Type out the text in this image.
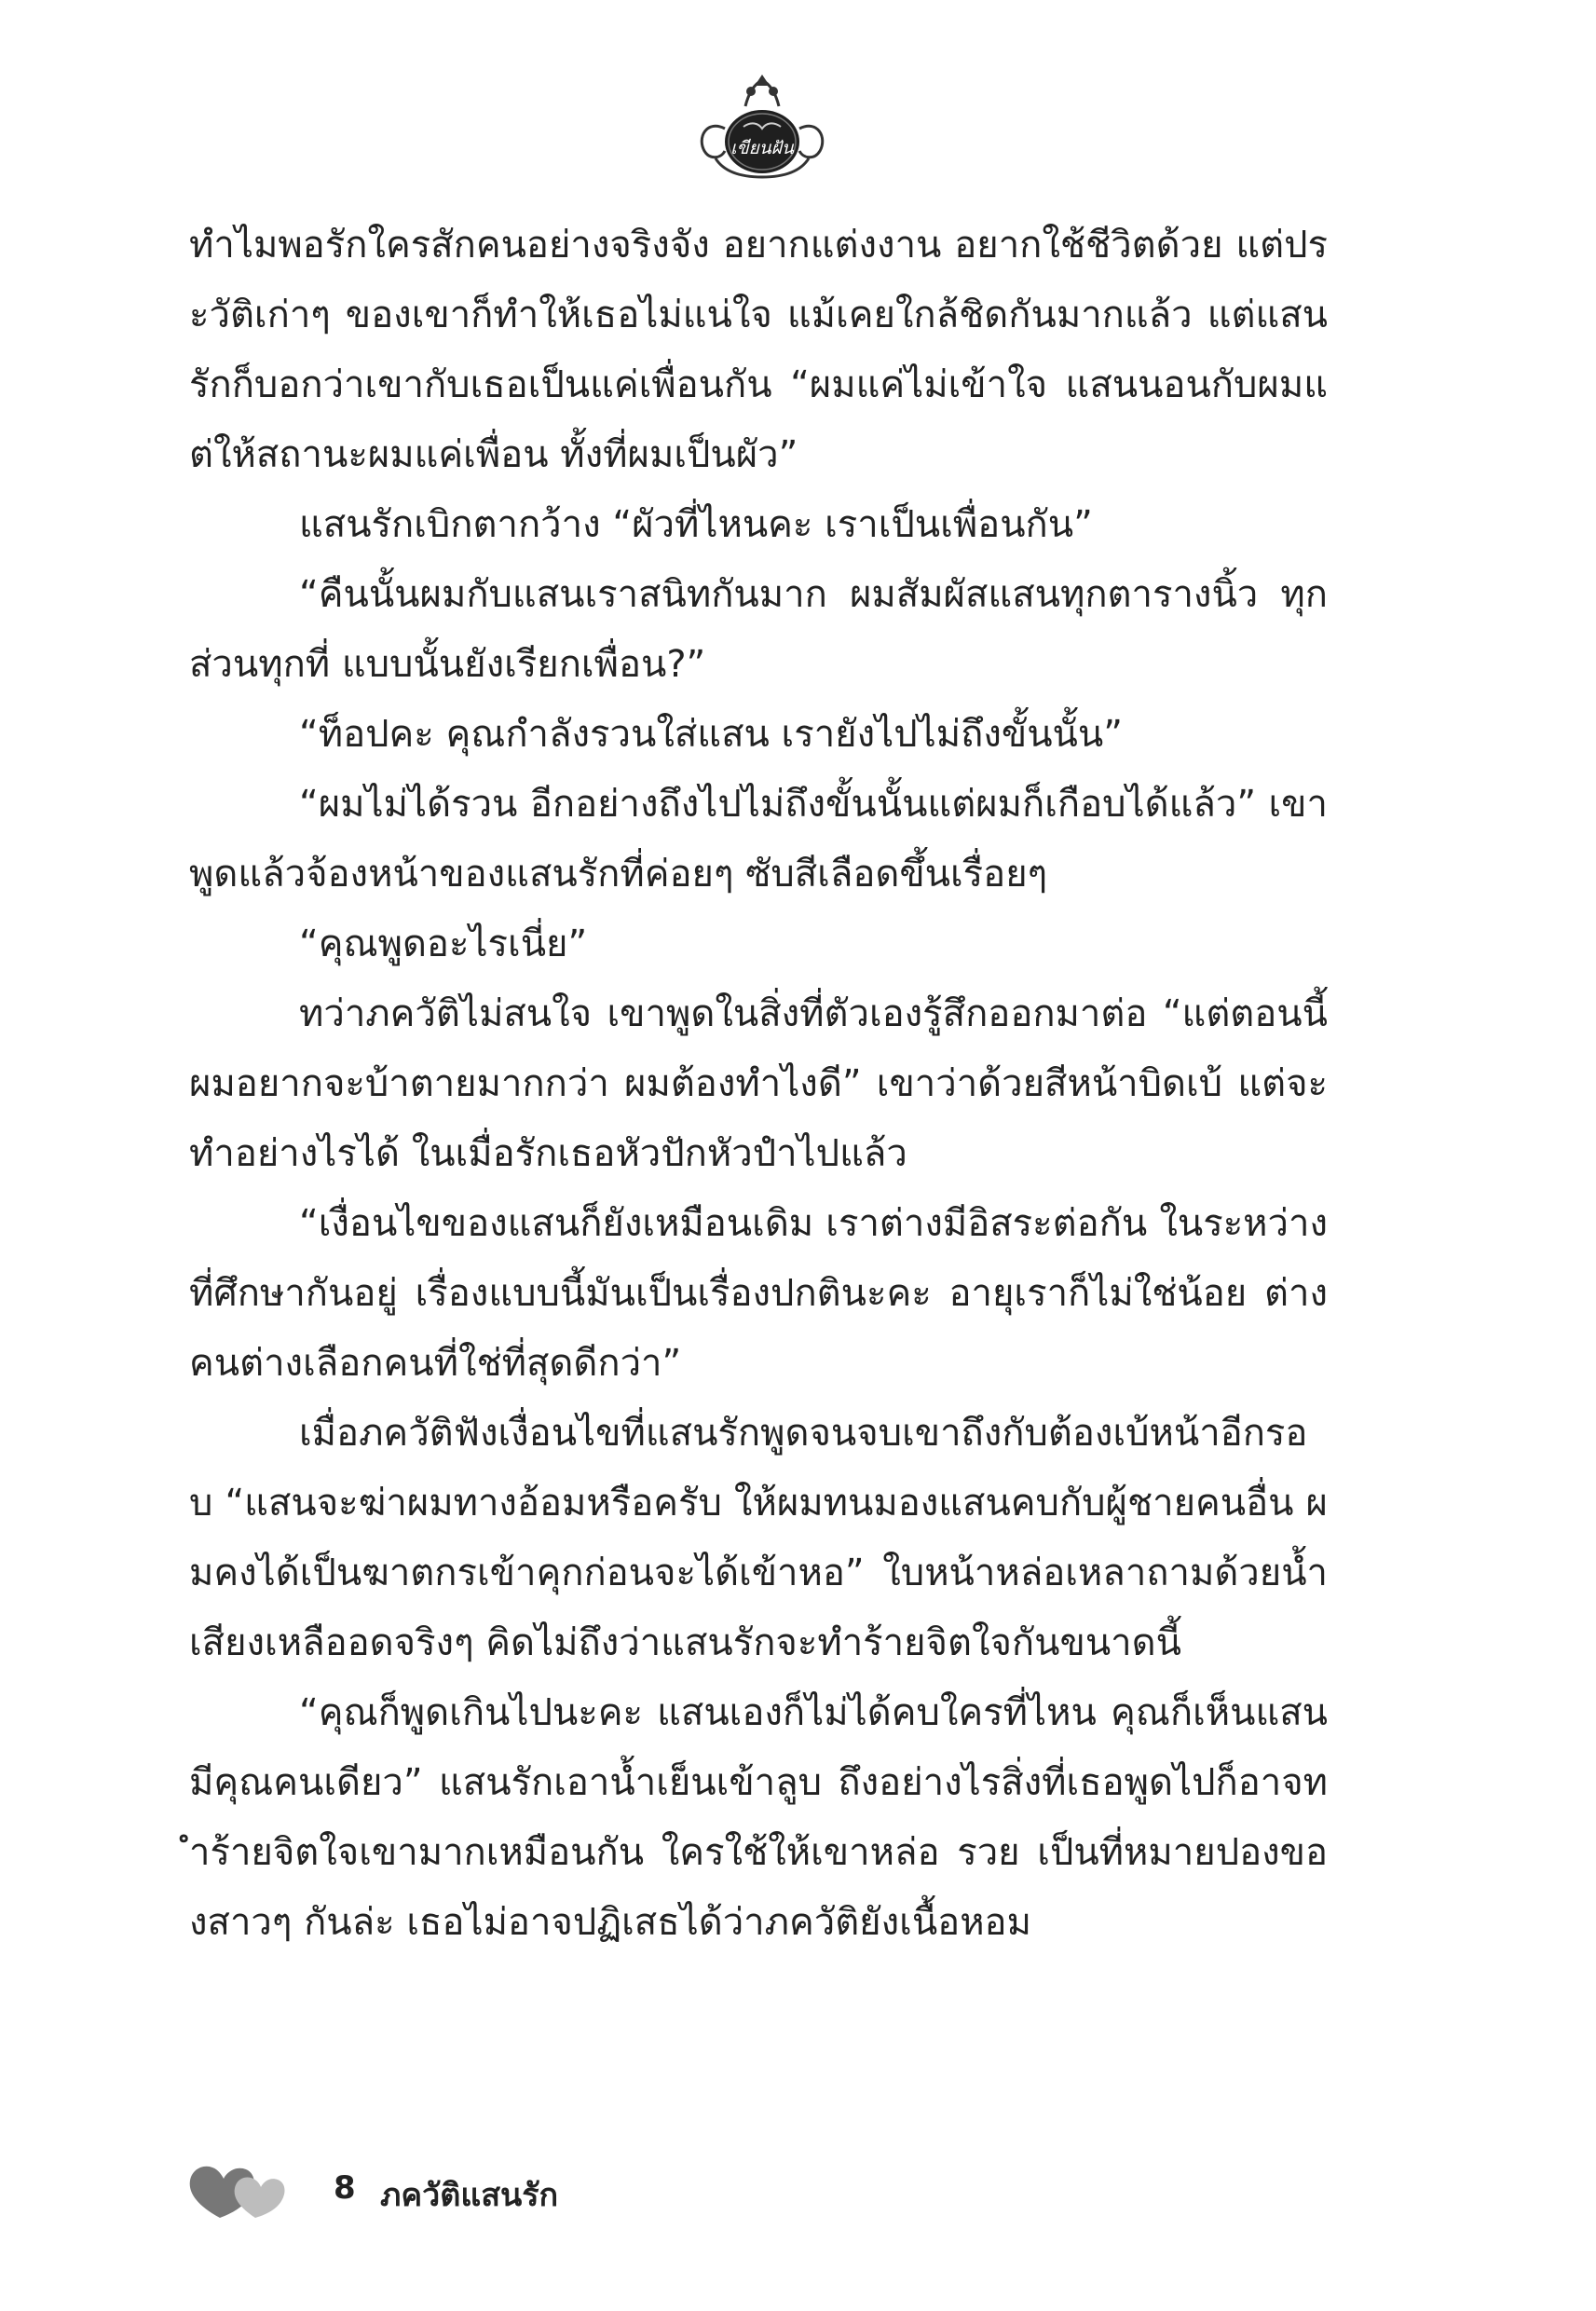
เขียนฝัน

ทำไมพอรักใครสักคนอย่างจริงจัง อยากแต่งงาน อยากใช้ชีวิตด้วย แต่ประวัติเก่าๆ ของเขาก็ทำให้เธอไม่แน่ใจ แม้เคยใกล้ชิดกันมากแล้ว แต่แสนรักก็บอกว่าเขากับเธอเป็นแค่เพื่อนกัน “ผมแค่ไม่เข้าใจ แสนนอนกับผมแต่ให้สถานะผมแค่เพื่อน ทั้งที่ผมเป็นผัว”

แสนรักเบิกตากว้าง “ผัวที่ไหนคะ เราเป็นเพื่อนกัน”

“คืนนั้นผมกับแสนเราสนิทกันมาก ผมสัมผัสแสนทุกตารางนิ้ว ทุกส่วนทุกที่ แบบนั้นยังเรียกเพื่อน?”

“ท็อปคะ คุณกำลังรวนใส่แสน เรายังไปไม่ถึงขั้นนั้น”

“ผมไม่ได้รวน อีกอย่างถึงไปไม่ถึงขั้นนั้นแต่ผมก็เกือบได้แล้ว” เขาพูดแล้วจ้องหน้าของแสนรักที่ค่อยๆ ซับสีเลือดขึ้นเรื่อยๆ

“คุณพูดอะไรเนี่ย”

ทว่าภควัติไม่สนใจ เขาพูดในสิ่งที่ตัวเองรู้สึกออกมาต่อ “แต่ตอนนี้ผมอยากจะบ้าตายมากกว่า ผมต้องทำไงดี” เขาว่าด้วยสีหน้าบิดเบ้ แต่จะทำอย่างไรได้ ในเมื่อรักเธอหัวปักหัวปำไปแล้ว

“เงื่อนไขของแสนก็ยังเหมือนเดิม เราต่างมีอิสระต่อกัน ในระหว่างที่ศึกษากันอยู่ เรื่องแบบนี้มันเป็นเรื่องปกตินะคะ อายุเราก็ไม่ใช่น้อย ต่างคนต่างเลือกคนที่ใช่ที่สุดดีกว่า”

เมื่อภควัติฟังเงื่อนไขที่แสนรักพูดจนจบเขาถึงกับต้องเบ้หน้าอีกรอบ “แสนจะฆ่าผมทางอ้อมหรือครับ ให้ผมทนมองแสนคบกับผู้ชายคนอื่น ผมคงได้เป็นฆาตกรเข้าคุกก่อนจะได้เข้าหอ” ใบหน้าหล่อเหลาถามด้วยน้ำเสียงเหลืออดจริงๆ คิดไม่ถึงว่าแสนรักจะทำร้ายจิตใจกันขนาดนี้

“คุณก็พูดเกินไปนะคะ แสนเองก็ไม่ได้คบใครที่ไหน คุณก็เห็นแสนมีคุณคนเดียว” แสนรักเอาน้ำเย็นเข้าลูบ ถึงอย่างไรสิ่งที่เธอพูดไปก็อาจทำร้ายจิตใจเขามากเหมือนกัน ใครใช้ให้เขาหล่อ รวย เป็นที่หมายปองของสาวๆ กันล่ะ เธอไม่อาจปฏิเสธได้ว่าภควัติยังเนื้อหอม

8 ภควัติแสนรัก
